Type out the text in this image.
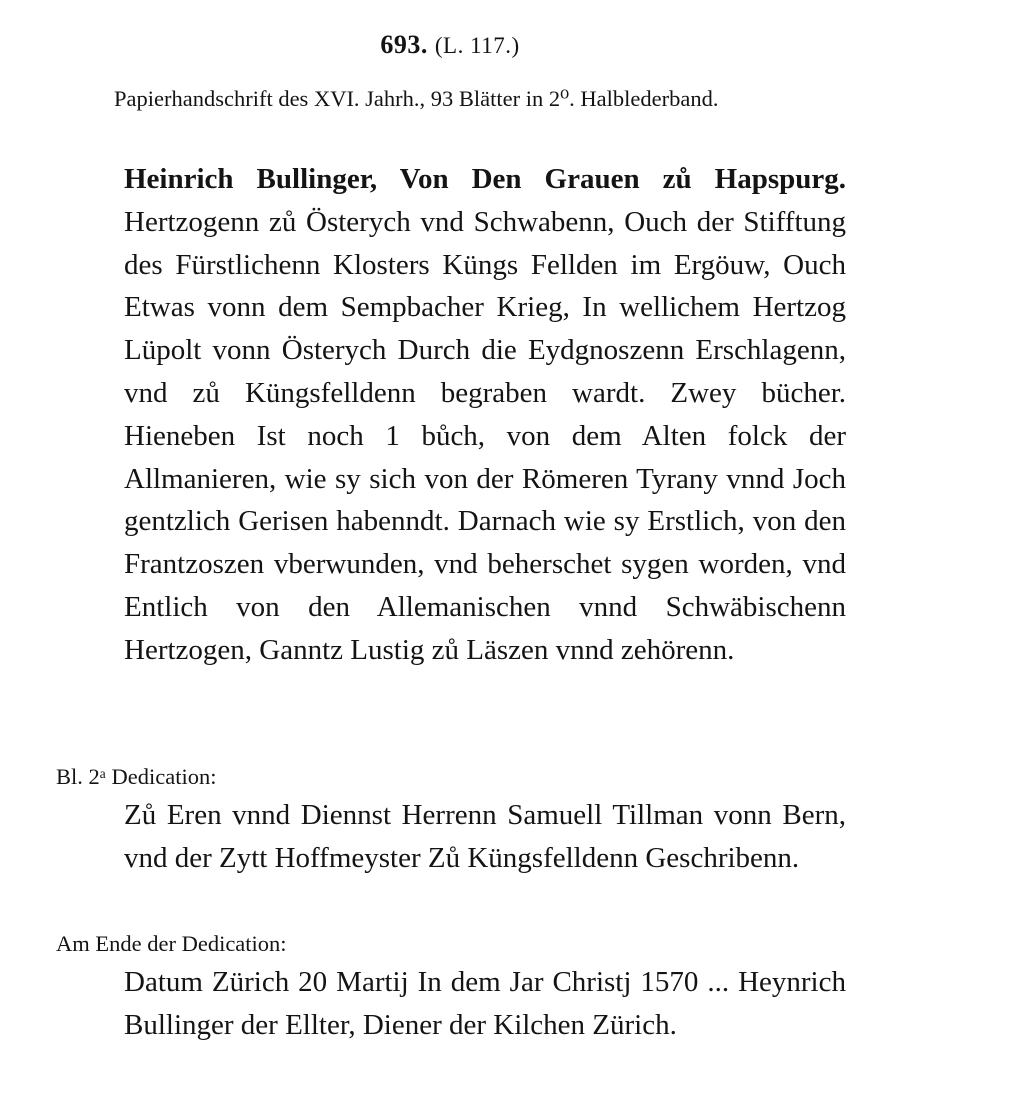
693. (L. 117.)
Papierhandschrift des XVI. Jahrh., 93 Blätter in 2⁰. Halblederband.
Heinrich Bullinger, Von Den Grauen zů Hapspurg. Hertzogenn zů Österych vnd Schwabenn, Ouch der Stifftung des Fürstlichenn Klosters Küngs Fellden im Ergöuw, Ouch Etwas vonn dem Sempbacher Krieg, In wellichem Hertzog Lüpolt vonn Österych Durch die Eydgnoszenn Erschlagenn, vnd zů Küngsfelldenn begraben wardt. Zwey bücher. Hieneben Ist noch 1 bůch, von dem Alten folck der Allmanieren, wie sy sich von der Römeren Tyrany vnnd Joch gentzlich Gerisen habenndt. Darnach wie sy Erstlich, von den Frantzoszen vberwunden, vnd beherschet sygen worden, vnd Entlich von den Allemanischen vnnd Schwäbischenn Hertzogen, Ganntz Lustig zů Läszen vnnd zehörenn.
Bl. 2ᵃ Dedication:
Zů Eren vnnd Diennst Herrenn Samuell Tillman vonn Bern, vnd der Zytt Hoffmeyster Zů Küngsfelldenn Geschribenn.
Am Ende der Dedication:
Datum Zürich 20 Martij In dem Jar Christj 1570 ... Heynrich Bullinger der Ellter, Diener der Kilchen Zürich.
